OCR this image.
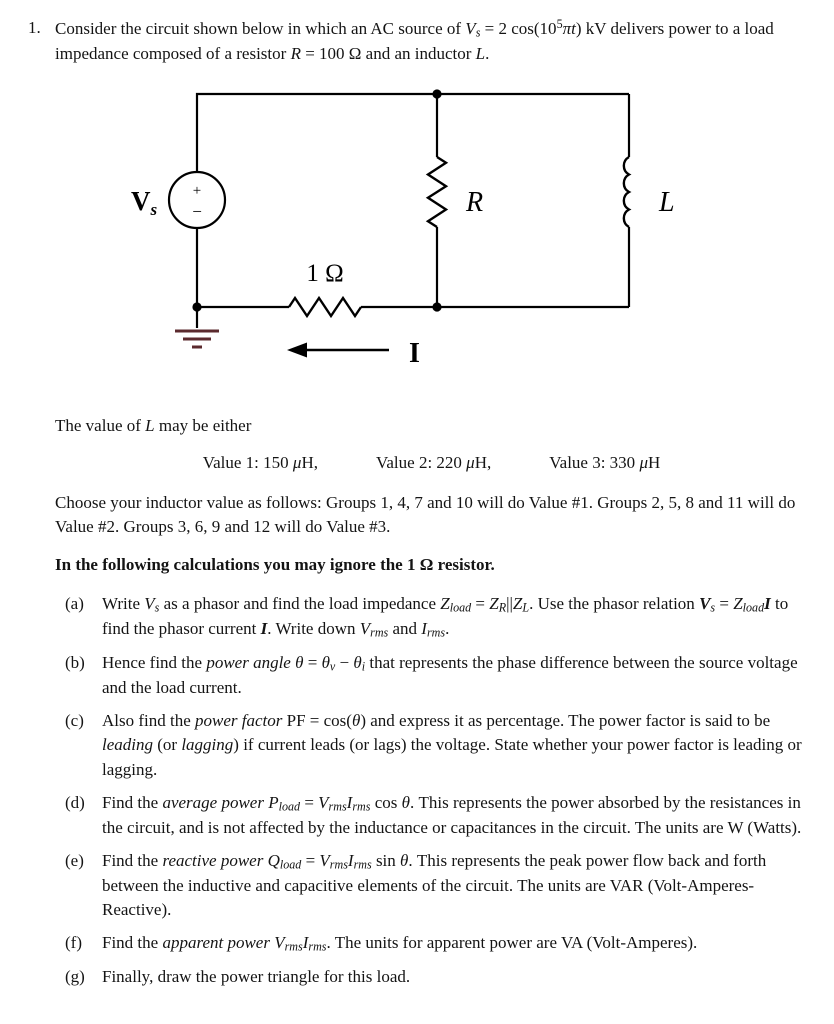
1. Consider the circuit shown below in which an AC source of $V_s = 2$ $\cos(10^5\pi t)$ kV delivers power to a load impedance composed of a resistor R = 100 Ω and an inductor L.

Vs
+
−	R	L
1 Ω
I

The value of L may be either

Value 1: 150 μH,	Value 2: 220 μH,	Value 3: 330 μH

Choose your inductor value as follows: Groups 1, 4, 7 and 10 will do Value #1. Groups 2, 5, 8 and 11 will do Value #2. Groups 3, 6, 9 and 12 will do Value #3.

In the following calculations you may ignore the 1 Ω resistor.

(a)	Write $V_s$ as a phasor and find the load impedance $Z_{load} = Z_R||Z_L$. Use the phasor relation $V_s = Z_{load}I$ to find the phasor current I. Write down $V_{rms}$ and $I_{rms}$.
(b)	Hence find the power angle $\theta = \theta_v - \theta_i$ that represents the phase difference between the source voltage and the load current.
(c)	Also find the power factor PF = cos(θ) and express it as percentage. The power factor is said to be leading (or lagging) if current leads (or lags) the voltage. State whether your power factor is leading or lagging.
(d)	Find the average power $P_{load} = V_{rms}I_{rms}$ cos θ. This represents the power absorbed by the resistances in the circuit, and is not affected by the inductance or capacitances in the circuit. The units are W (Watts).
(e)	Find the reactive power $Q_{load} = V_{rms}I_{rms}$ sin θ. This represents the peak power flow back and forth between the inductive and capacitive elements of the circuit. The units are VAR (Volt-Amperes-Reactive).
(f)	Find the apparent power $V_{rms}I_{rms}$. The units for apparent power are VA (Volt-Amperes).
(g)	Finally, draw the power triangle for this load.
